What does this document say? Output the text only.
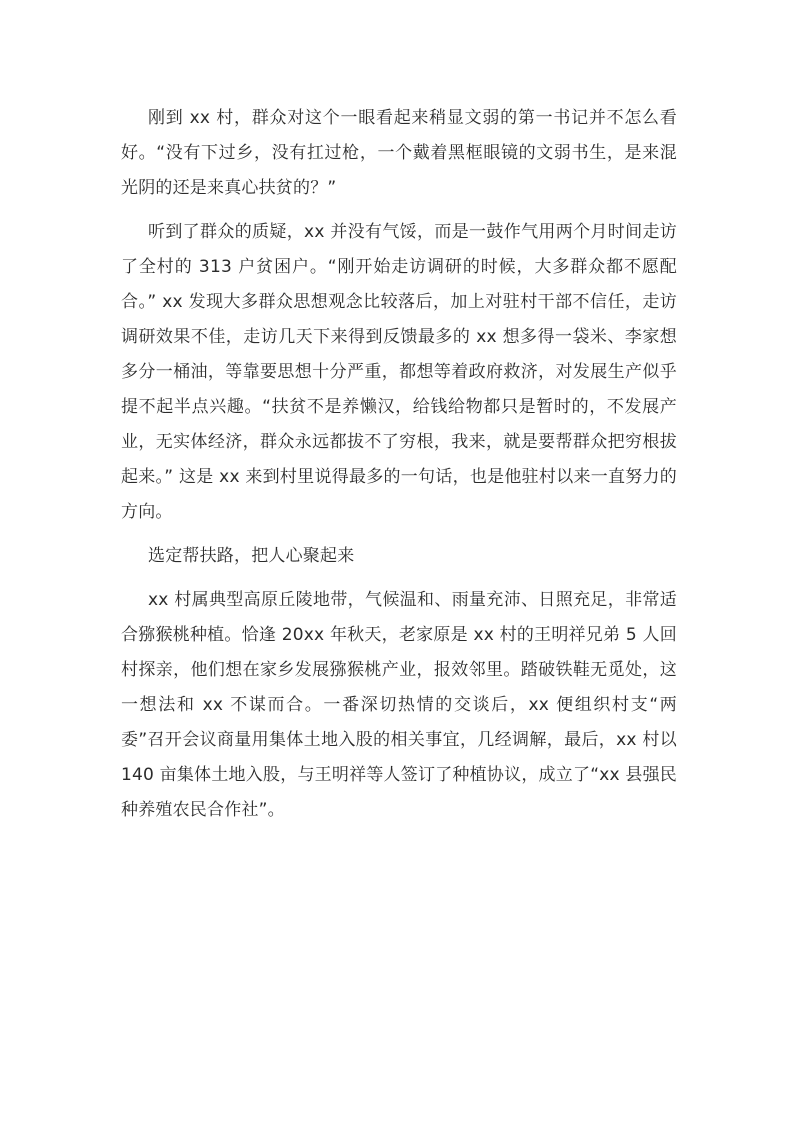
刚到 xx 村，群众对这个一眼看起来稍显文弱的第一书记并不怎么看好。“没有下过乡，没有扛过枪，一个戴着黑框眼镜的文弱书生，是来混光阴的还是来真心扶贫的？”

听到了群众的质疑，xx 并没有气馁，而是一鼓作气用两个月时间走访了全村的 313 户贫困户。“刚开始走访调研的时候，大多群众都不愿配合。” xx 发现大多群众思想观念比较落后，加上对驻村干部不信任，走访调研效果不佳，走访几天下来得到反馈最多的 xx 想多得一袋米、李家想多分一桶油，等靠要思想十分严重，都想等着政府救济，对发展生产似乎提不起半点兴趣。“扶贫不是养懒汉，给钱给物都只是暂时的，不发展产业，无实体经济，群众永远都拔不了穷根，我来，就是要帮群众把穷根拔起来。” 这是 xx 来到村里说得最多的一句话，也是他驻村以来一直努力的方向。

选定帮扶路，把人心聚起来

xx 村属典型高原丘陵地带，气候温和、雨量充沛、日照充足，非常适合猕猴桃种植。恰逢 20xx 年秋天，老家原是 xx 村的王明祥兄弟 5 人回村探亲，他们想在家乡发展猕猴桃产业，报效邻里。踏破铁鞋无觅处，这一想法和 xx 不谋而合。一番深切热情的交谈后，xx 便组织村支“两委”召开会议商量用集体土地入股的相关事宜，几经调解，最后，xx 村以 140 亩集体土地入股，与王明祥等人签订了种植协议，成立了“xx 县强民种养殖农民合作社”。
